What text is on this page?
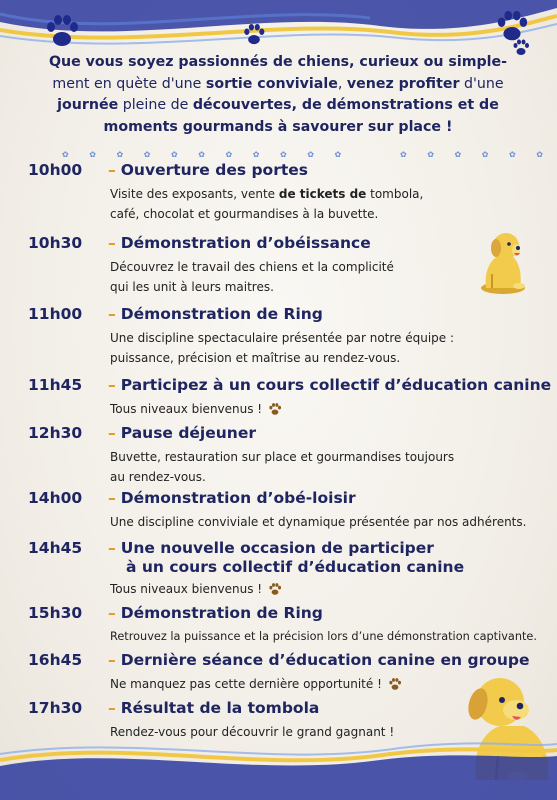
Que vous soyez passionnés de chiens, curieux ou simple-
ment en quète d'une sortie conviviale, venez profiter d'une
journée pleine de découvertes, de démonstrations et de
moments gourmands à savourer sur place !
✿ ✿ ✿ ✿ ✿ ✿ ✿ ✿ ✿ ✿ ✿	✿ ✿ ✿ ✿ ✿ ✿
10h00 – Ouverture des portes
Visite des exposants, vente de tickets de tombola,
café, chocolat et gourmandises à la buvette.
10h30 – Démonstration d’obéissance
Découvrez le travail des chiens et la complicité
qui les unit à leurs maitres.
11h00 – Démonstration de Ring
Une discipline spectaculaire présentée par notre équipe :
puissance, précision et maîtrise au rendez-vous.
11h45 – Participez à un cours collectif d’éducation canine
Tous niveaux bienvenus !
12h30 – Pause déjeuner
Buvette, restauration sur place et gourmandises toujours
au rendez-vous.
14h00 – Démonstration d’obé-loisir
Une discipline conviviale et dynamique présentée par nos adhérents.
14h45 – Une nouvelle occasion de participer
à un cours collectif d’éducation canine
Tous niveaux bienvenus !
15h30 – Démonstration de Ring
Retrouvez la puissance et la précision lors d’une démonstration captivante.
16h45 – Dernière séance d’éducation canine en groupe
Ne manquez pas cette dernière opportunité !
17h30 – Résultat de la tombola
Rendez-vous pour découvrir le grand gagnant !
